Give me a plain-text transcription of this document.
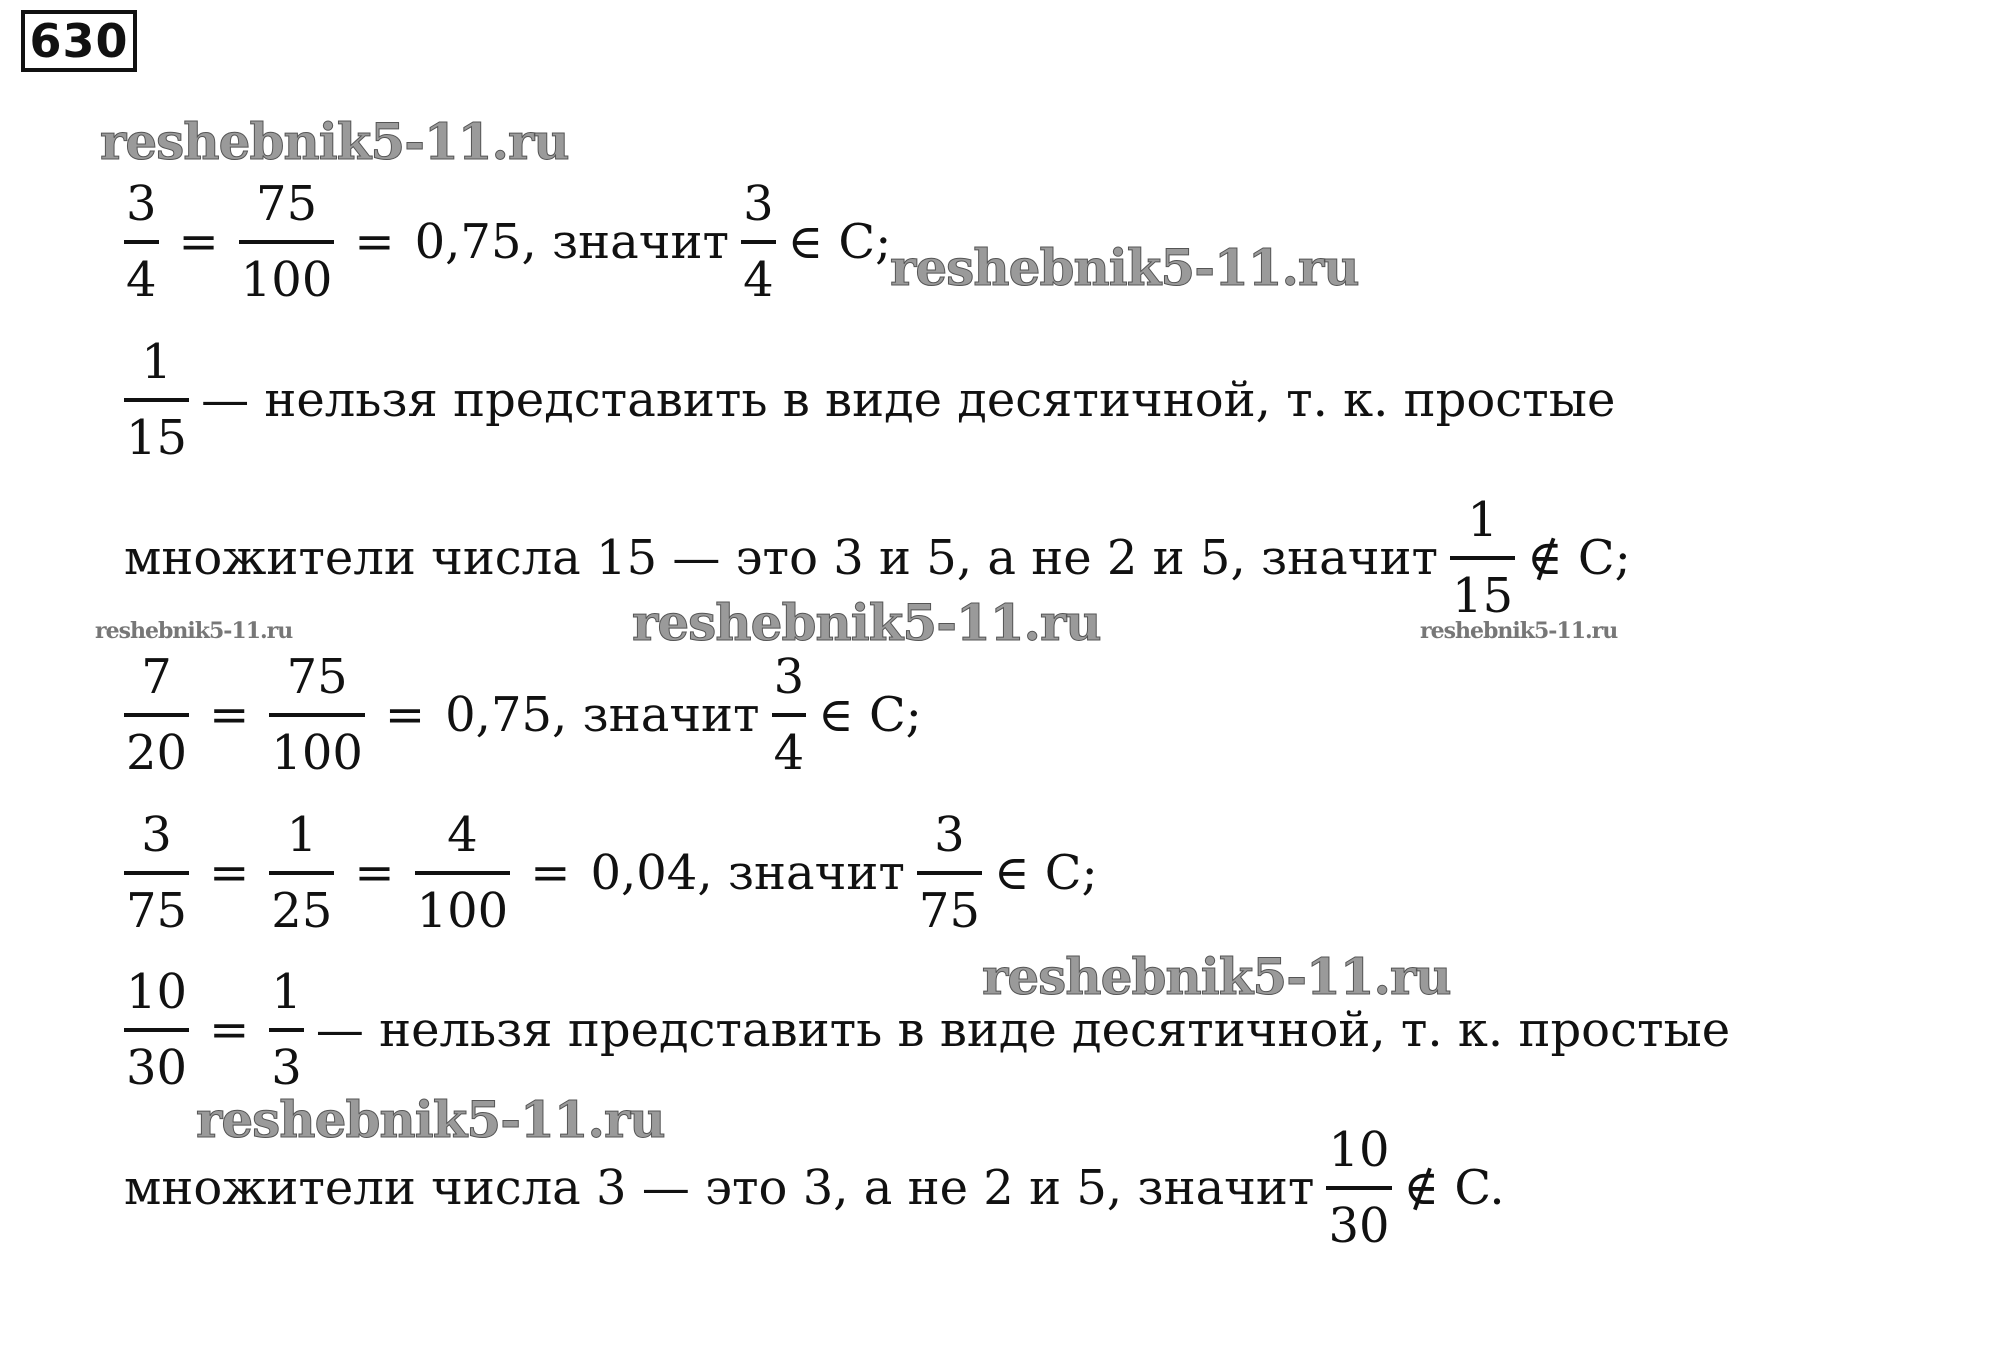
630
reshebnik5-11.ru
reshebnik5-11.ru
reshebnik5-11.ru
reshebnik5-11.ru	reshebnik5-11.ru
reshebnik5-11.ru
reshebnik5-11.ru
$\frac{3}{4} = \frac{75}{100} = 0,75$, значит $\frac{3}{4}$ ∈ C;
$\frac{1}{15}$ — нельзя представить в виде десятичной, т. к. простые
множители числа 15 — это 3 и 5, а не 2 и 5, значит $\frac{1}{15}$ ∉ C;
$\frac{7}{20} = \frac{75}{100} = 0,75$, значит $\frac{3}{4}$ ∈ C;
$\frac{3}{75} = \frac{1}{25} = \frac{4}{100} = 0,04$, значит $\frac{3}{75}$ ∈ C;
$\frac{10}{30} = \frac{1}{3}$ — нельзя представить в виде десятичной, т. к. простые
множители числа 3 — это 3, а не 2 и 5, значит $\frac{10}{30}$ ∉ C.
